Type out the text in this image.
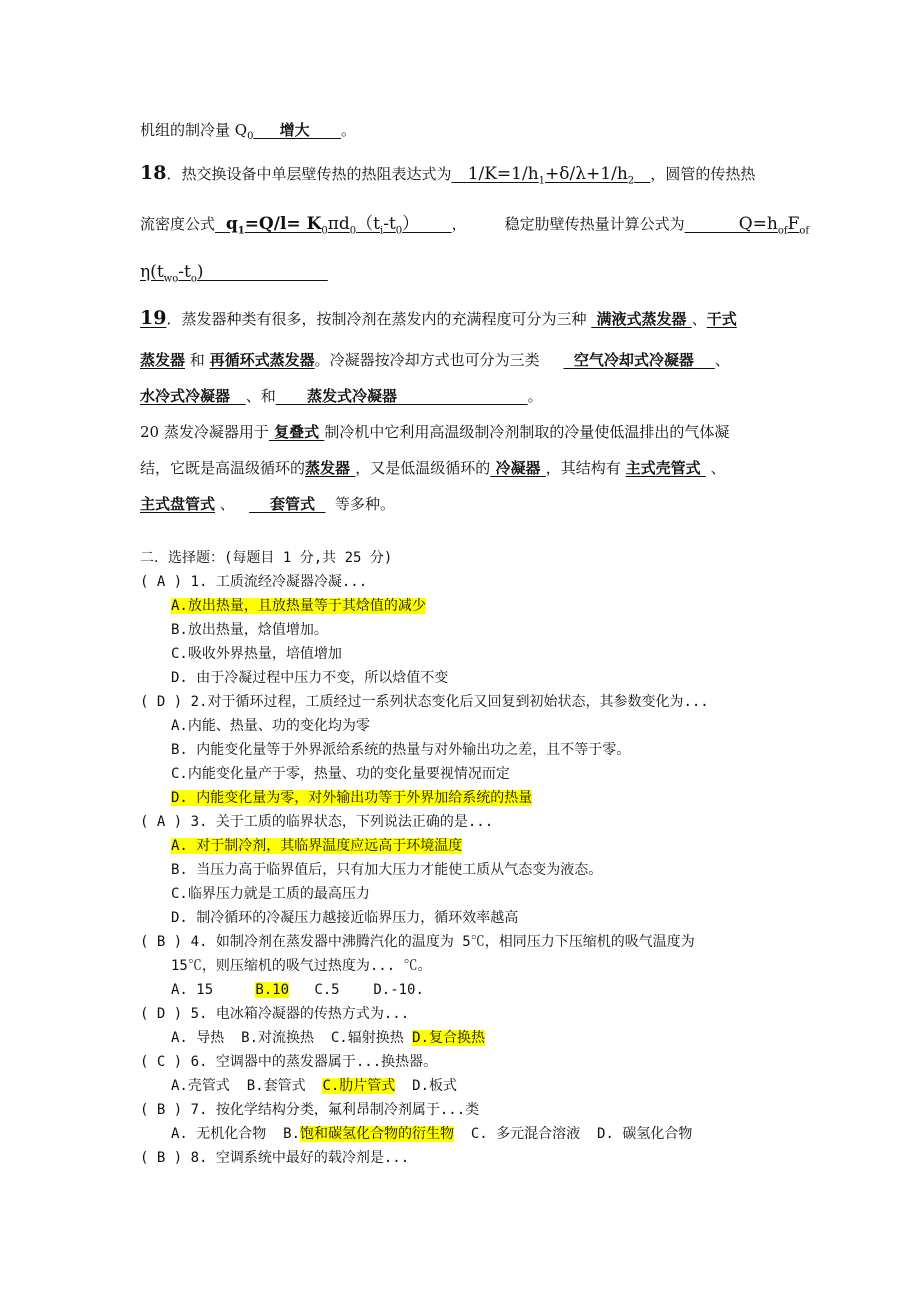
机组的制冷量 $Q_0$ 增大 。
18．热交换设备中单层壁传热的热阻表达式为 $1/K=1/h_1+\delta/\lambda+1/h_2$ ，圆管的传热热
流密度公式 $q_1=Q/l= K_0\pi d_0(t_i-t_0)$ ，	稳定肋壁传热量计算公式为	$Q=h_{of}F_{of}$
$\eta(t_{wo}-t_o)$
19．蒸发器种类有很多，按制冷剂在蒸发内的充满程度可分为三种 满液式蒸发器 、干式
蒸发器 和 再循环式蒸发器。冷凝器按冷却方式也可分为三类 空气冷却式冷凝器 、
水冷式冷凝器 、和 蒸发式冷凝器	。
20 蒸发冷凝器用于 复叠式 制冷机中它利用高温级制冷剂制取的冷量使低温排出的气体凝
结，它既是高温级循环的蒸发器 ，又是低温级循环的 冷凝器 ，其结构有 主式壳管式 、
主式盘管式 、 套管式 等多种。
二．选择题：(每题目 1 分,共 25 分)
( A ) 1. 工质流经冷凝器冷凝...
A.放出热量，且放热量等于其焓值的减少
B.放出热量，焓值增加。
C.吸收外界热量，培值增加
D. 由于冷凝过程中压力不变，所以焓值不变
( D ) 2.对于循环过程，工质经过一系列状态变化后又回复到初始状态，其参数变化为...
A.内能、热量、功的变化均为零
B. 内能变化量等于外界派给系统的热量与对外输出功之差，且不等于零。
C.内能变化量产于零，热量、功的变化量要视情况而定
D. 内能变化量为零，对外输出功等于外界加给系统的热量
( A ) 3. 关于工质的临界状态，下列说法正确的是...
A. 对于制冷剂，其临界温度应远高于环境温度
B. 当压力高于临界值后，只有加大压力才能使工质从气态变为液态。
C.临界压力就是工质的最高压力
D. 制冷循环的冷凝压力越接近临界压力，循环效率越高
( B ) 4. 如制冷剂在蒸发器中沸腾汽化的温度为 5℃，相同压力下压缩机的吸气温度为
15℃，则压缩机的吸气过热度为... ℃。
A. 15	B.10 C.5 D.-10.
( D ) 5. 电冰箱冷凝器的传热方式为...
A. 导热 B.对流换热 C.辐射换热 D.复合换热
( C ) 6. 空调器中的蒸发器属于...换热器。
A.壳管式 B.套管式 C.肋片管式 D.板式
( B ) 7. 按化学结构分类，氟利昂制冷剂属于...类
A. 无机化合物 B.饱和碳氢化合物的衍生物 C. 多元混合溶液 D. 碳氢化合物
( B ) 8. 空调系统中最好的载冷剂是...
